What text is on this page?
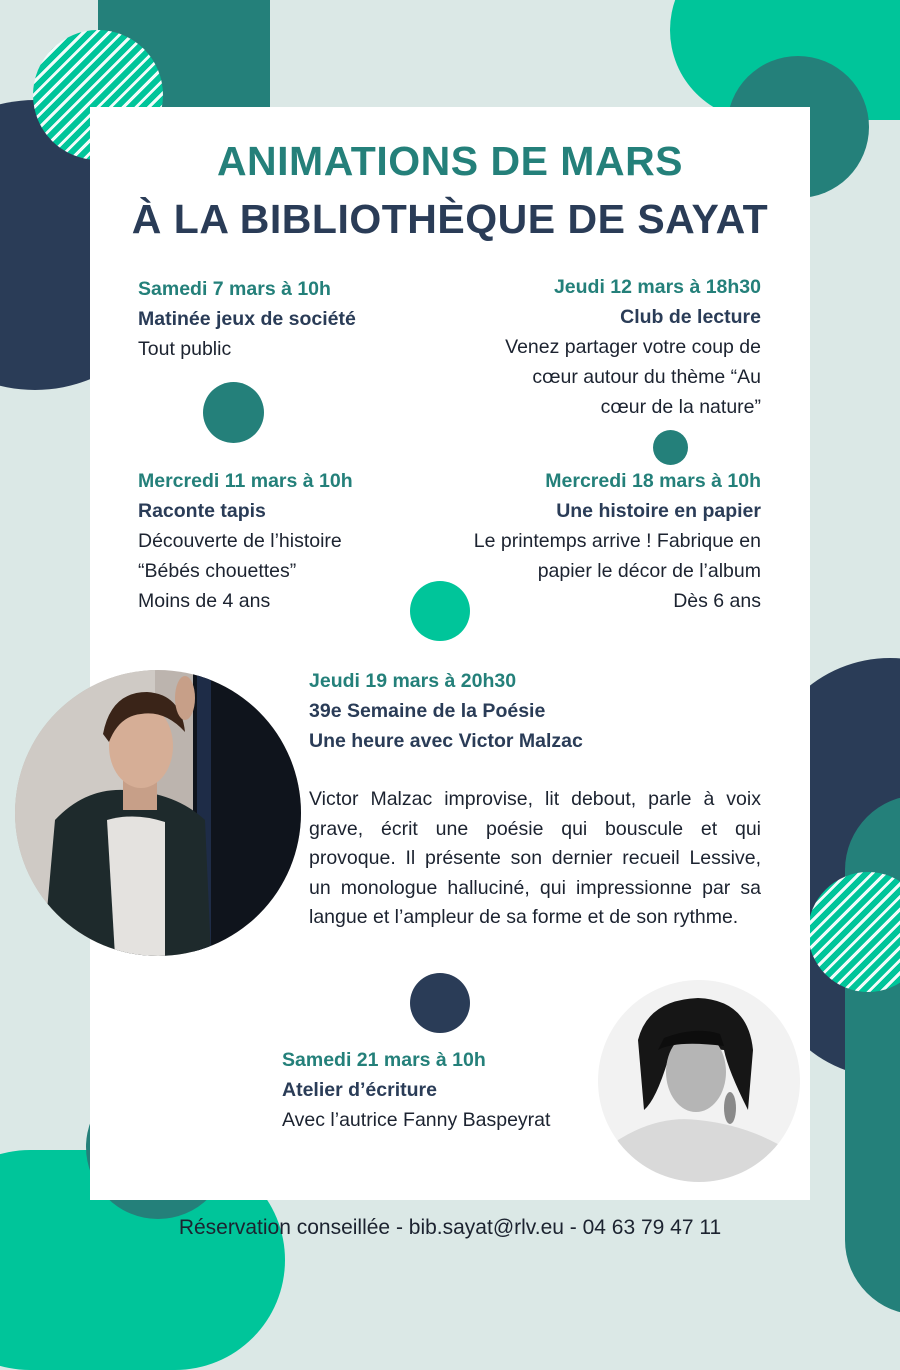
ANIMATIONS DE MARS
À LA BIBLIOTHÈQUE DE SAYAT
Samedi 7 mars à 10h
Matinée jeux de société
Tout public
Jeudi 12 mars à 18h30
Club de lecture
Venez partager votre coup de
cœur autour du thème “Au
cœur de la nature”
Mercredi 11 mars à 10h
Raconte tapis
Découverte de l’histoire
“Bébés chouettes”
Moins de 4 ans
Mercredi 18 mars à 10h
Une histoire en papier
Le printemps arrive ! Fabrique en
papier le décor de l’album
Dès 6 ans
Jeudi 19 mars à 20h30
39e Semaine de la Poésie
Une heure avec Victor Malzac
Victor Malzac improvise, lit debout, parle à voix grave, écrit une poésie qui bouscule et qui provoque. Il présente son dernier recueil Lessive, un monologue halluciné, qui impressionne par sa langue et l’ampleur de sa forme et de son rythme.
Samedi 21 mars à 10h
Atelier d’écriture
Avec l’autrice Fanny Baspeyrat
Réservation conseillée - bib.sayat@rlv.eu - 04 63 79 47 11
